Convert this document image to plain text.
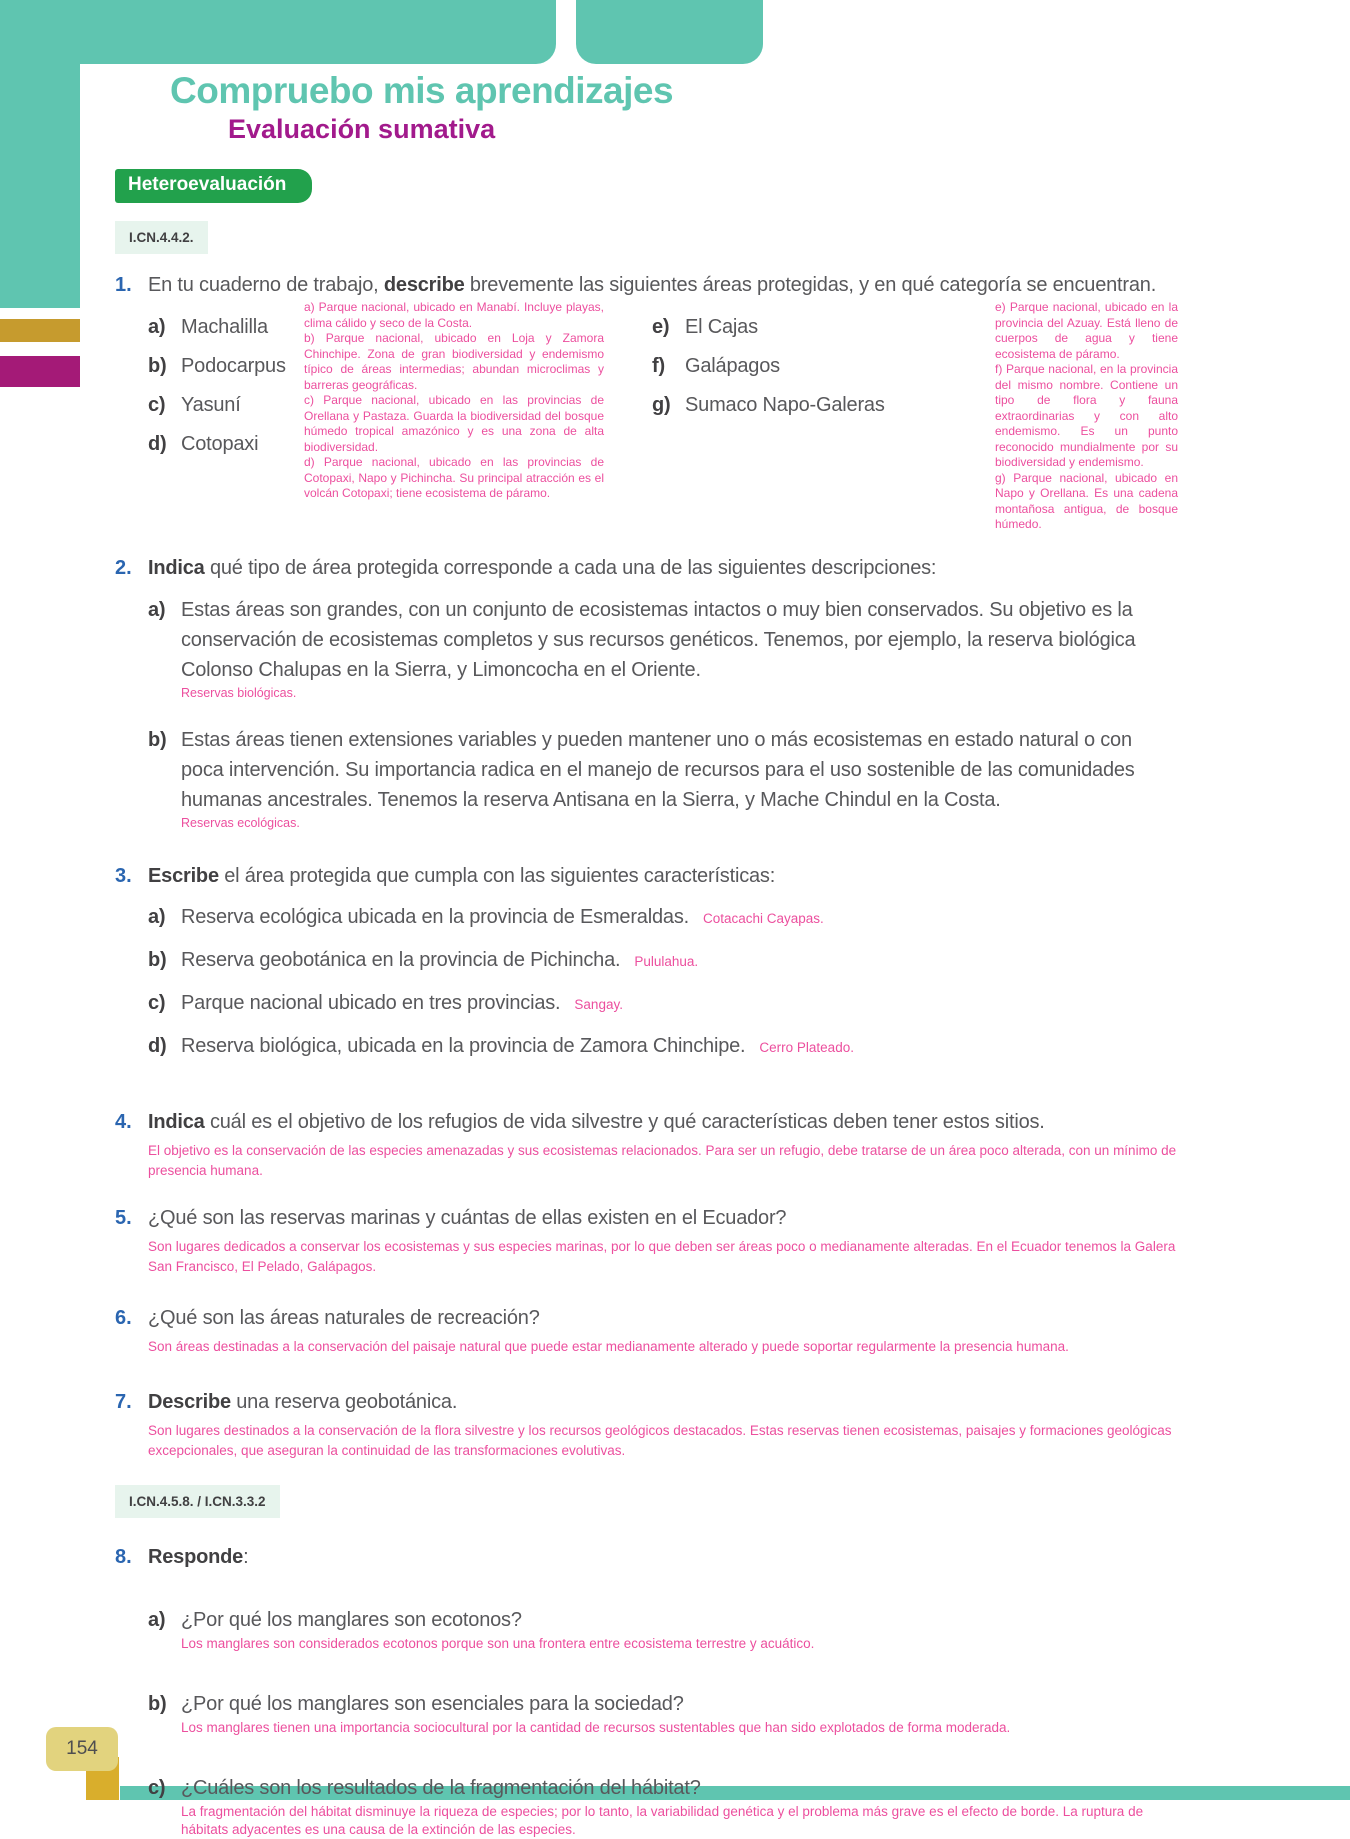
154
Compruebo mis aprendizajes
Evaluación sumativa
Heteroevaluación
I.CN.4.4.2.
1. En tu cuaderno de trabajo, describe brevemente las siguientes áreas protegidas, y en qué categoría se encuentran.

a) Machalilla
b) Podocarpus
c) Yasuní
d) Cotopaxi

a) Parque nacional, ubicado en Manabí. Incluye playas, clima cálido y seco de la Costa.

b) Parque nacional, ubicado en Loja y Zamora Chinchipe. Zona de gran biodiversidad y endemismo típico de áreas intermedias; abundan microclimas y barreras geográficas.

c) Parque nacional, ubicado en las provincias de Orellana y Pastaza. Guarda la biodiversidad del bosque húmedo tropical amazónico y es una zona de alta biodiversidad.

d) Parque nacional, ubicado en las provincias de Cotopaxi, Napo y Pichincha. Su principal atracción es el volcán Cotopaxi; tiene ecosistema de páramo.

e) El Cajas
f)	Galápagos
g) Sumaco Napo-Galeras

e) Parque nacional, ubicado en la provincia del Azuay. Está lleno de cuerpos de agua y tiene ecosistema de páramo.

f) Parque nacional, en la provincia del mismo nombre. Contiene un tipo de flora y fauna extraordinarias y con alto endemismo. Es un punto reconocido mundialmente por su biodiversidad y endemismo.

g) Parque nacional, ubicado en Napo y Orellana. Es una cadena montañosa antigua, de bosque húmedo.

2. Indica qué tipo de área protegida corresponde a cada una de las siguientes descripciones:

a) Estas áreas son grandes, con un conjunto de ecosistemas intactos o muy bien conservados. Su objetivo es la conservación de ecosistemas completos y sus recursos genéticos. Tenemos, por ejemplo, la reserva biológica Colonso Chalupas en la Sierra, y Limoncocha en el Oriente.
Reservas biológicas.
b) Estas áreas tienen extensiones variables y pueden mantener uno o más ecosistemas en estado natural o con poca intervención. Su importancia radica en el manejo de recursos para el uso sostenible de las comunidades humanas ancestrales. Tenemos la reserva Antisana en la Sierra, y Mache Chindul en la Costa.
Reservas ecológicas.
3. Escribe el área protegida que cumpla con las siguientes características:

a) Reserva ecológica ubicada en la provincia de Esmeraldas. Cotacachi Cayapas.
b) Reserva geobotánica en la provincia de Pichincha. Pululahua.
c) Parque nacional ubicado en tres provincias. Sangay.
d) Reserva biológica, ubicada en la provincia de Zamora Chinchipe. Cerro Plateado.
4. Indica cuál es el objetivo de los refugios de vida silvestre y qué características deben tener estos sitios.

El objetivo es la conservación de las especies amenazadas y sus ecosistemas relacionados. Para ser un refugio, debe tratarse de un área poco alterada, con un mínimo de presencia humana.

5. ¿Qué son las reservas marinas y cuántas de ellas existen en el Ecuador?

Son lugares dedicados a conservar los ecosistemas y sus especies marinas, por lo que deben ser áreas poco o medianamente alteradas. En el Ecuador tenemos la Galera San Francisco, El Pelado, Galápagos.

6. ¿Qué son las áreas naturales de recreación?

Son áreas destinadas a la conservación del paisaje natural que puede estar medianamente alterado y puede soportar regularmente la presencia humana.

7. Describe una reserva geobotánica.

Son lugares destinados a la conservación de la flora silvestre y los recursos geológicos destacados. Estas reservas tienen ecosistemas, paisajes y formaciones geológicas excepcionales, que aseguran la continuidad de las transformaciones evolutivas.

I.CN.4.5.8. / I.CN.3.3.2
8. Responde:

a) ¿Por qué los manglares son ecotonos?
Los manglares son considerados ecotonos porque son una frontera entre ecosistema terrestre y acuático.
b) ¿Por qué los manglares son esenciales para la sociedad?
Los manglares tienen una importancia sociocultural por la cantidad de recursos sustentables que han sido explotados de forma moderada.
c) ¿Cuáles son los resultados de la fragmentación del hábitat?
La fragmentación del hábitat disminuye la riqueza de especies; por lo tanto, la variabilidad genética y el problema más grave es el efecto de borde. La ruptura de hábitats adyacentes es una causa de la extinción de las especies.
